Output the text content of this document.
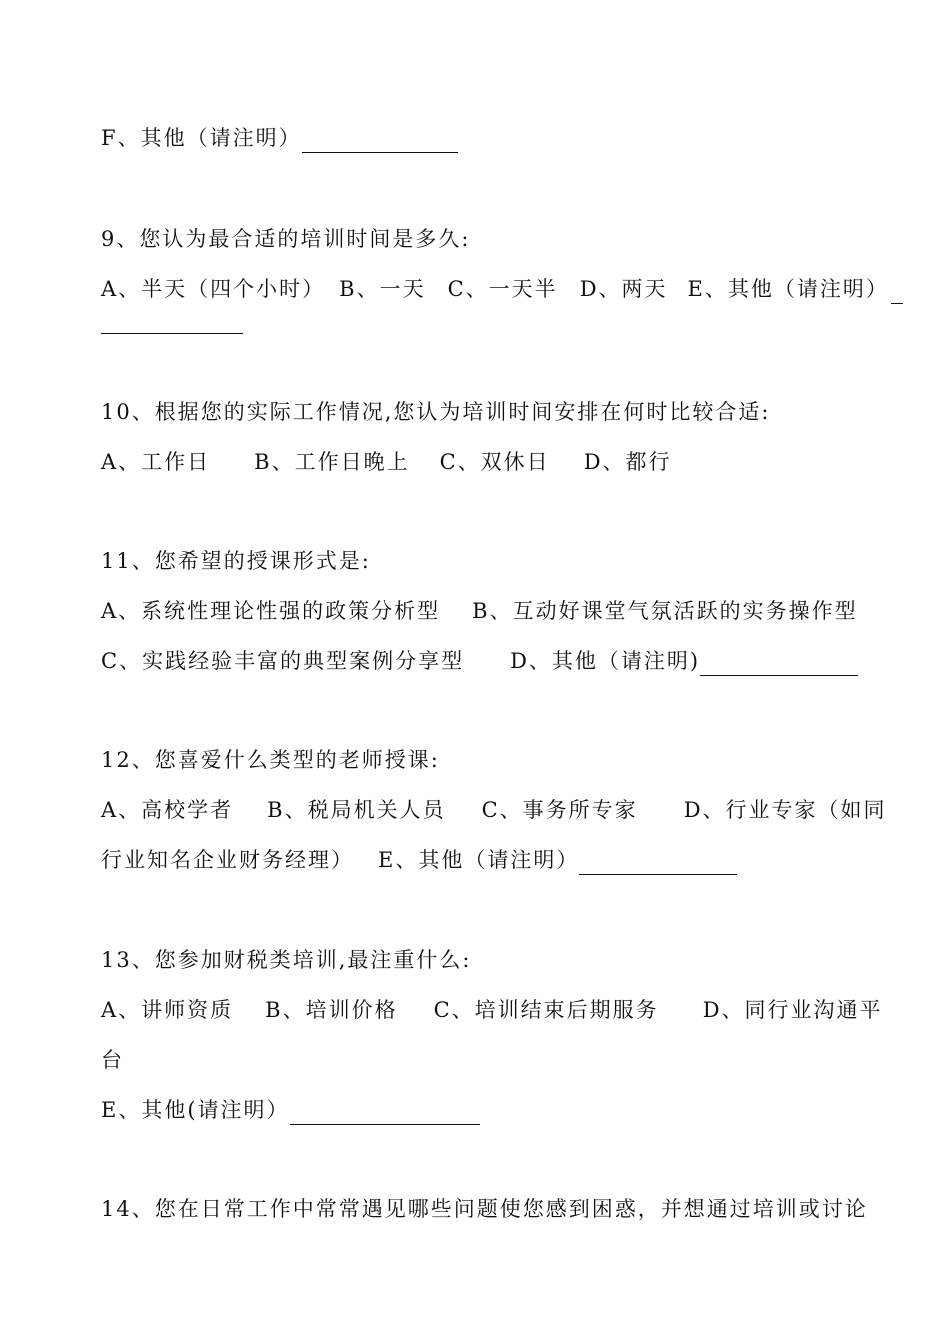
F、其他（请注明）
9、您认为最合适的培训时间是多久:
A、半天（四个小时） B、一天 C、一天半 D、两天 E、其他（请注明）
10、根据您的实际工作情况,您认为培训时间安排在何时比较合适:
A、工作日 B、工作日晚上 C、双休日 D、都行
11、您希望的授课形式是:
A、系统性理论性强的政策分析型 B、互动好课堂气氛活跃的实务操作型
C、实践经验丰富的典型案例分享型 D、其他（请注明)
12、您喜爱什么类型的老师授课:
A、高校学者 B、税局机关人员 C、事务所专家 D、行业专家（如同
行业知名企业财务经理） E、其他（请注明）
13、您参加财税类培训,最注重什么:
A、讲师资质 B、培训价格 C、培训结束后期服务 D、同行业沟通平
台
E、其他(请注明）
14、您在日常工作中常常遇见哪些问题使您感到困惑，并想通过培训或讨论
